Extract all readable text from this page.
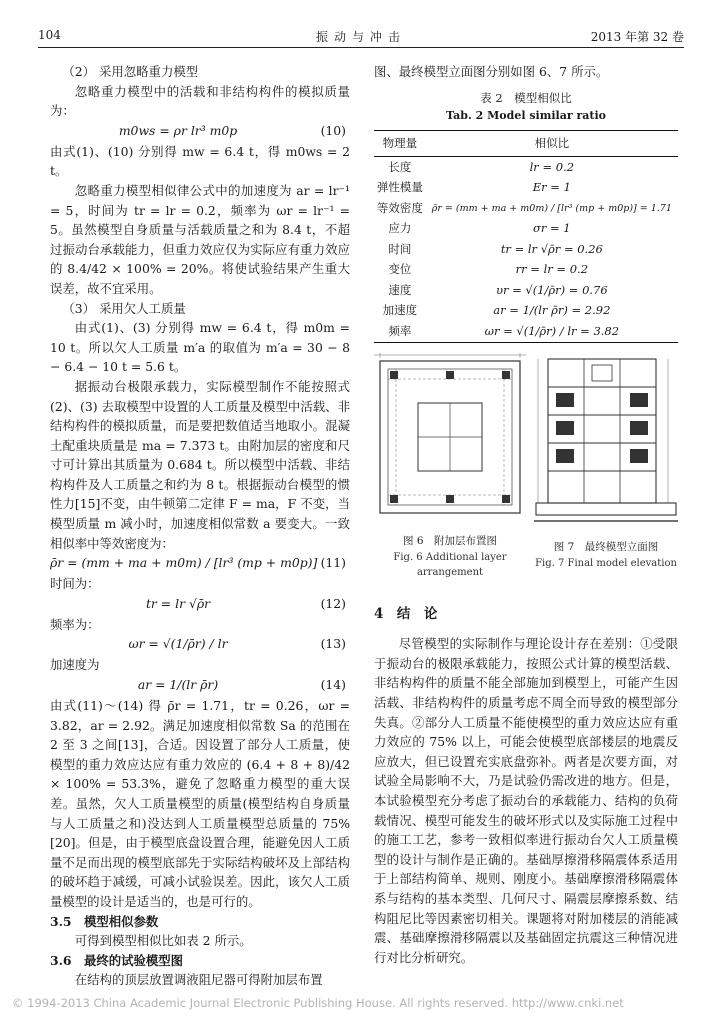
104	振动与冲击	2013 年第 32 卷

（2） 采用忽略重力模型

忽略重力模型中的活载和非结构构件的模拟质量为：

m0ws = ρr lr³ m0p	(10)

由式(1)、(10) 分别得 mw = 6.4 t，得 m0ws = 2 t。

忽略重力模型相似律公式中的加速度为 ar = lr⁻¹ = 5，时间为 tr = lr = 0.2，频率为 ωr = lr⁻¹ = 5。虽然模型自身质量与活载质量之和为 8.4 t，不超过振动台承载能力，但重力效应仅为实际应有重力效应的 8.4/42 × 100% = 20%。将使试验结果产生重大误差，故不宜采用。

（3） 采用欠人工质量

由式(1)、(3) 分别得 mw = 6.4 t，得 m0m = 10 t。所以欠人工质量 m′a 的取值为 m′a = 30 − 8 − 6.4 − 10 t = 5.6 t。

据振动台极限承载力，实际模型制作不能按照式(2)、(3) 去取模型中设置的人工质量及模型中活载、非结构构件的模拟质量，而是要把数值适当地取小。混凝土配重块质量是 ma = 7.373 t。由附加层的密度和尺寸可计算出其质量为 0.684 t。所以模型中活载、非结构构件及人工质量之和约为 8 t。根据振动台模型的惯性力[15]不变，由牛顿第二定律 F = ma，F 不变，当模型质量 m 减小时，加速度相似常数 a 要变大。一致相似率中等效密度为：

ρ̄r = (mm + ma + m0m) / [lr³ (mp + m0p)] (11)

时间为：

tr = lr √ρ̄r	(12)

频率为：

ωr = √(1/ρ̄r) / lr	(13)

加速度为

ar = 1/(lr ρ̄r)	(14)

由式(11)～(14) 得 ρ̄r = 1.71，tr = 0.26，ωr = 3.82，ar = 2.92。满足加速度相似常数 Sa 的范围在 2 至 3 之间[13]，合适。因设置了部分人工质量，使模型的重力效应达应有重力效应的 (6.4 + 8 + 8)/42 × 100% = 53.3%，避免了忽略重力模型的重大误差。虽然，欠人工质量模型的质量(模型结构自身质量与人工质量之和)没达到人工质量模型总质量的 75%[20]。但是，由于模型底盘设置合理，能避免因人工质量不足而出现的模型底部先于实际结构破坏及上部结构的破坏趋于减缓，可减小试验误差。因此，该欠人工质量模型的设计是适当的，也是可行的。

3.5　模型相似参数

可得到模型相似比如表 2 所示。

3.6　最终的试验模型图

在结构的顶层放置调液阻尼器可得附加层布置

图、最终模型立面图分别如图 6、7 所示。

表 2　模型相似比
Tab. 2 Model similar ratio
物理量	相似比
长度	lr = 0.2
弹性模量	Er = 1
等效密度	ρ̄r = (mm + ma + m0m) / [lr³ (mp + m0p)] = 1.71
应力	σr = 1
时间	tr = lr √ρ̄r = 0.26
变位	rr = lr = 0.2
速度	υr = √(1/ρ̄r) = 0.76
加速度	ar = 1/(lr ρ̄r) = 2.92
频率	ωr = √(1/ρ̄r) / lr = 3.82
图 6　附加层布置图
Fig. 6 Additional layer arrangement
图 7　最终模型立面图
Fig. 7 Final model elevation
4　结　论

尽管模型的实际制作与理论设计存在差别：①受限于振动台的极限承载能力，按照公式计算的模型活载、非结构构件的质量不能全部施加到模型上，可能产生因活载、非结构构件的质量考虑不周全而导致的模型部分失真。②部分人工质量不能使模型的重力效应达应有重力效应的 75% 以上，可能会使模型底部楼层的地震反应放大，但已设置充实底盘弥补。两者是次要方面，对试验全局影响不大，乃是试验仍需改进的地方。但是，本试验模型充分考虑了振动台的承载能力、结构的负荷载情况、模型可能发生的破坏形式以及实际施工过程中的施工工艺，参考一致相似率进行振动台欠人工质量模型的设计与制作是正确的。基础厚擦滑移隔震体系适用于上部结构简单、规则、刚度小。基础摩擦滑移隔震体系与结构的基本类型、几何尺寸、隔震层摩擦系数、结构阻尼比等因素密切相关。课题将对附加楼层的消能减震、基础摩擦滑移隔震以及基础固定抗震这三种情况进行对比分析研究。

© 1994-2013 China Academic Journal Electronic Publishing House. All rights reserved. http://www.cnki.net
